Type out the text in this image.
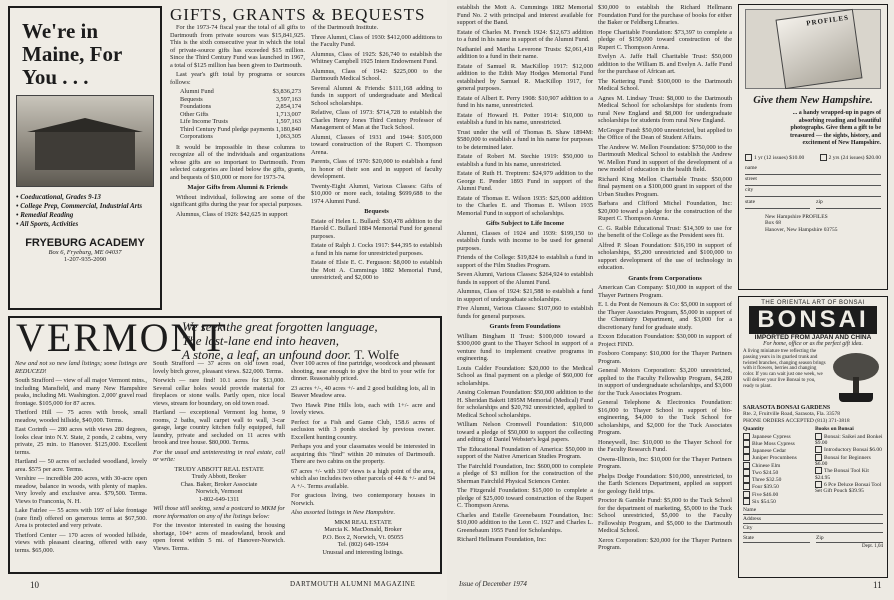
We're in Maine, For You . . .
• Coeducational, Grades 9-13
• College Prep, Commercial, Industrial Arts
• Remedial Reading
• All Sports, Activities
FRYEBURG ACADEMY
Box 6, Fryeburg, ME 04037
1-207-935-2090
GIFTS, GRANTS & BEQUESTS

For the 1973-74 fiscal year the total of all gifts to Dartmouth from private sources was $15,841,925. This is the sixth consecutive year in which the total of private-source gifts has exceeded $15 million. Since the Third Century Fund was launched in 1967, a total of $125 million has been given to Dartmouth.

Last year's gift total by programs or sources follows:

Alumni Fund	$3,836,273
Bequests	3,597,163
Foundations	2,854,174
Other Gifts	1,713,007
Life Income Trusts	1,597,163
Third Century Fund pledge payments 1,180,840
Corporations	1,063,305

It would be impossible in these columns to recognize all of the individuals and organizations whose gifts are so important to Dartmouth. From selected categories are listed below the gifts, grants, and bequests of $10,000 or more for 1973-74.

Major Gifts from Alumni & Friends

Without individual, following are some of the significant gifts during the year for special purposes.

Alumnus, Class of 1926: $42,625 in support

of the Dartmouth Institute.

Three Alumni, Class of 1930: $412,000 additions to the Faculty Fund.

Alumnus, Class of 1925: $26,740 to establish the Whitney Campbell 1925 Intern Endowment Fund.

Alumnus, Class of 1942: $225,000 to the Dartmouth Medical School.

Several Alumni & Friends: $111,168 adding to funds in support of undergraduate and Medical School scholarships.

Relative, Class of 1973: $714,728 to establish the Charles Henry Jones Third Century Professor of Management of Man at the Tuck School.

Alumni, Classes of 1931 and 1944: $105,000 toward construction of the Rupert C. Thompson Arena.

Parents, Class of 1970: $20,000 to establish a fund in honor of their son and in support of faculty development.

Twenty-Eight Alumni, Various Classes: Gifts of $10,000 or more each, totaling $699,688 to the 1974 Alumni Fund.

Bequests

Estate of Helen L. Bullard: $30,478 addition to the Harold C. Bullard 1884 Memorial Fund for general purposes.

Estate of Ralph J. Cocks 1917: $44,395 to establish a fund in his name for unrestricted purposes.

Estate of Elsie E. C. Ferguson: $8,000 to establish the Mott A. Cummings 1882 Memorial Fund, unrestricted; and $2,000 to

VERMONT
We seek the great forgotten language,
The lost-lane end into heaven,
A stone, a leaf, an unfound door. T. Wolfe

New and not so new land listings; some listings are REDUCED!

South Strafford — view of all major Vermont mtns., including Mansfield, and many New Hampshire peaks, including Mt. Washington. 2,000' gravel road frontage. $105,000 for 87 acres.

Thetford Hill — 75 acres with brook, small meadow, wooded hillside, $40,000. Terms.

East Corinth — 280 acres with views 280 degrees, looks clear into N.Y. State, 2 ponds, 2 cabins, very private, 25 min. to Hanover. $125,000. Excellent terms.

Hartland — 50 acres of secluded woodland, lovely area. $575 per acre. Terms.

Vershire — incredible 200 acres, with 30-acre open meadow, balance in woods, with plenty of maples. Very lovely and exclusive area. $79,500. Terms. Views to Franconia, N. H.

Lake Fairlee — 55 acres with 195' of lake frontage (rare find) offered on generous terms at $67,500. Area is protected and very private.

Thetford Center — 170 acres of wooded hillside, views with pleasant clearing, offered with easy terms. $65,000.

South Strafford — 37 acres on old town road, lovely birch grove, pleasant views. $22,000. Terms.

Norwich — rare find! 10.1 acres for $13,000. Several cellar holes would provide material for fireplaces or stone walls. Partly open, nice local views, stream for boundary, on old town road.

Hartland — exceptional Vermont log home, 9 rooms, 2 baths, wall carpet wall to wall, 3-car garage, large country kitchen fully equipped, full laundry, private and secluded on 11 acres with brook and tree house. $80,000. Terms.

For the usual and uninteresting in real estate, call or write:

TRUDY ABBOTT REAL ESTATE
Trudy Abbott, Broker
Chas. Baker, Broker Associate
Norwich, Vermont
1-802-649-1311

Will those still seeking, send a postcard to MKM for more information on any of the listings below:

For the investor interested in easing the housing shortage, 104+ acres of meadowland, brook and open forest within 5 mi. of Hanover-Norwich. Views. Terms.

Over 100 acres of fine partridge, woodcock and pheasant shooting, near enough to give the bird to your wife for dinner. Reasonably priced.

23 acres +/-, 40 acres +/- and 2 good building lots, all in Beaver Meadow area.

Two Hawk Pine Hills lots, each with 1+/- acre and lovely views.

Perfect for a Fish and Game Club, 158.6 acres of seclusion with 3 ponds stocked by previous owner. Excellent hunting country.

Perhaps you and your classmates would be interested in acquiring this "find" within 20 minutes of Dartmouth. There are two cabins on the property.

67 acres +/- with 310' views is a high point of the area, which also includes two other parcels of 44 & +/- and 94 A +/-. Terms available.

For gracious living, two contemporary houses in Norwich.

Also assorted listings in New Hampshire.

MKM REAL ESTATE
Marcia K. MacDonald, Broker
P.O. Box 2, Norwich, Vt. 05055
Tel. (802) 649-1594
Unusual and interesting listings.
10	DARTMOUTH ALUMNI MAGAZINE

establish the Mott A. Cummings 1882 Memorial Fund No. 2 with principal and interest available for support of the Band.

Estate of Charles M. French 1924: $12,673 addition to a fund in his name in support of the Alumni Fund.

Nathaniel and Martha Leverone Trusts: $2,061,418 addition to a fund in their name.

Estate of Samuel R. MacKillop 1917: $12,000 addition to the Edith May Hodges Memorial Fund established by Samuel R. MacKillop 1917, for general purposes.

Estate of Albert E. Perry 1908: $10,907 addition to a fund in his name, unrestricted.

Estate of Howard H. Potter 1914: $10,000 to establish a fund in his name, unrestricted.

Trust under the will of Thomas B. Shaw 1894M: $580,000 to establish a fund in his name for purposes to be determined later.

Estate of Robert M. Stechie 1919: $50,000 to establish a fund in his name, unrestricted.

Estate of Ruth H. Treptrem: $24,979 addition to the George E. Pender 1893 Fund in support of the Alumni Fund.

Estate of Thomas E. Wilson 1935: $25,000 addition to the Charles E. and Thomas E. Wilson 1935 Memorial Fund in support of scholarships.

Gifts Subject to Life Income

Alumni, Classes of 1924 and 1939: $199,150 to establish funds with income to be used for general purposes.

Friends of the College: $19,824 to establish a fund in support of the Film Studies Program.

Seven Alumni, Various Classes: $264,924 to establish funds in support of the Alumni Fund.

Alumnus, Class of 1924: $21,588 to establish a fund in support of undergraduate scholarships.

Five Alumni, Various Classes: $107,060 to establish funds for general purposes.

Grants from Foundations

William Bingham II Trust: $100,000 toward a $300,000 grant to the Thayer School in support of a venture fund to implement creative programs in engineering.

Louis Calder Foundation: $20,000 to the Medical School as final payment on a pledge of $60,000 for scholarships.

Ansing Coleman Foundation: $50,000 addition to the H. Sheridan Bakett 1895M Memorial (Medical) Fund for scholarships and $20,792 unrestricted, applied to Medical School scholarships.

William Nelson Cromwell Foundation: $10,000 toward a pledge of $50,000 to support the collecting and editing of Daniel Webster's legal papers.

The Educational Foundation of America: $50,000 in support of the Native American Studies Program.

The Fairchild Foundation, Inc: $600,000 to complete a pledge of $3 million for the construction of the Sherman Fairchild Physical Sciences Center.

The Fitzgerald Foundation: $15,000 to complete a pledge of $25,000 toward construction of the Rupert C. Thompson Arena.

Charles and Estelle Greenebaum Foundation, Inc: $10,000 addition to the Leon C. 1927 and Charles L. Greenebaum 1955 Fund for Scholarships.

Richard Hellmann Foundation, Inc:

$30,000 to establish the Richard Hellmann Foundation Fund for the purchase of books for either the Baker or Feldberg Libraries.

Hope Charitable Foundation: $73,397 to complete a pledge of $150,000 toward construction of the Rupert C. Thompson Arena.

Evelyn A. Jaffe Hall Charitable Trust: $50,000 addition to the William B. and Evelyn A. Jaffe Fund for the purchase of African art.

The Kettering Fund: $100,000 to the Dartmouth Medical School.

Agnes M. Lindsay Trust: $8,000 to the Dartmouth Medical School for scholarships for students from rural New England and $8,000 for undergraduate scholarships for students from rural New England.

McGregor Fund: $50,000 unrestricted, but applied to the Office of the Dean of Student Affairs.

The Andrew W. Mellon Foundation: $750,000 to the Dartmouth Medical School to establish the Andrew W. Mellon Fund in support of the development of a new model of education in the health field.

Richard King Mellon Charitable Trusts: $50,000 final payment on a $100,000 grant in support of the Urban Studies Program.

Barbara and Clifford Michel Foundation, Inc: $20,000 toward a pledge for the construction of the Rupert C. Thompson Arena.

C. G. Raible Educational Trust: $14,309 to use for the benefit of the College as the President sees fit.

Alfred P. Sloan Foundation: $16,190 in support of scholarships, $5,200 unrestricted and $100,000 to support development of the use of technology in education.

Grants from Corporations

American Can Company: $10,000 in support of the Thayer Partners Program.

E. I. du Pont de Nemours & Co: $5,000 in support of the Thayer Associates Program, $5,000 in support of the Chemistry Department, and $3,000 for a discretionary fund for graduate study.

Exxon Education Foundation: $30,000 in support of Project FIND.

Foxboro Company: $10,000 for the Thayer Partners Program.

General Motors Corporation: $3,200 unrestricted, applied to the Faculty Fellowship Program, $4,280 in support of undergraduate scholarships, and $3,000 for the Tuck Associates Program.

General Telephone & Electronics Foundation: $16,000 to Thayer School in support of bio-engineering, $4,000 to the Tuck School for scholarships, and $2,000 for the Tuck Associates Program.

Honeywell, Inc: $10,000 to the Thayer School for the Faculty Research Fund.

Owens-Illinois, Inc: $10,000 for the Thayer Partners Program.

Phelps Dodge Foundation: $10,000, unrestricted, to the Earth Sciences Department, applied as support for geology field trips.

Proctor & Gamble Fund: $5,000 to the Tuck School for the department of marketing, $5,000 to the Tuck School unrestricted, $5,000 to the Faculty Fellowship Program, and $5,000 to the Dartmouth Medical School.

Xerox Corporation: $20,000 for the Thayer Partners Program.

PROFILES
Give them New Hampshire.
... a handy wrapped-up in pages of absorbing reading and beautiful photographs. Give them a gift to be treasured — the sights, history, and excitement of New Hampshire.
1 yr (12 issues) $10.00	2 yrs (24 issues) $20.00
name
street
city
state	zip
New Hampshire PROFILES
Box 68
Hanover, New Hampshire 03755
THE ORIENTAL ART OF BONSAI
BONSAI
IMPORTED FROM JAPAN AND CHINA
For home, office or as the perfect gift idea.
A living miniature tree reflecting the passing years in its gnarled trunk and twisted branches, changing season brings with it flowers, berries and changing color. If you can wait just one week, we will deliver your live Bonsai to you, ready to plant.
SARASOTA BONSAI GARDENS
Rte. 2, Fruitville Road, Sarasota, Fla. 33578
PHONE ORDERS ACCEPTED (813) 371-3818
Quantity
Japanese Cypress
Blue Moss Cypress
Japanese Cedar
Juniper Procumbens
Chinese Elm
Two $24.50
Three $32.50
Four $39.50
Five $46.00
Six $54.50
Books on Bonsai
Bonsai: Saikei and Bonkei $9.00
Introductory Bonsai $6.00
Bonsai for Beginners $6.00
The Bonsai Tool Kit $24.95
6 Pce Deluxe Bonsai Tool Set Gift Pouch $39.95
Name
Address
City
State	Zip
Dept. 1,04
Issue of December 1974	11
